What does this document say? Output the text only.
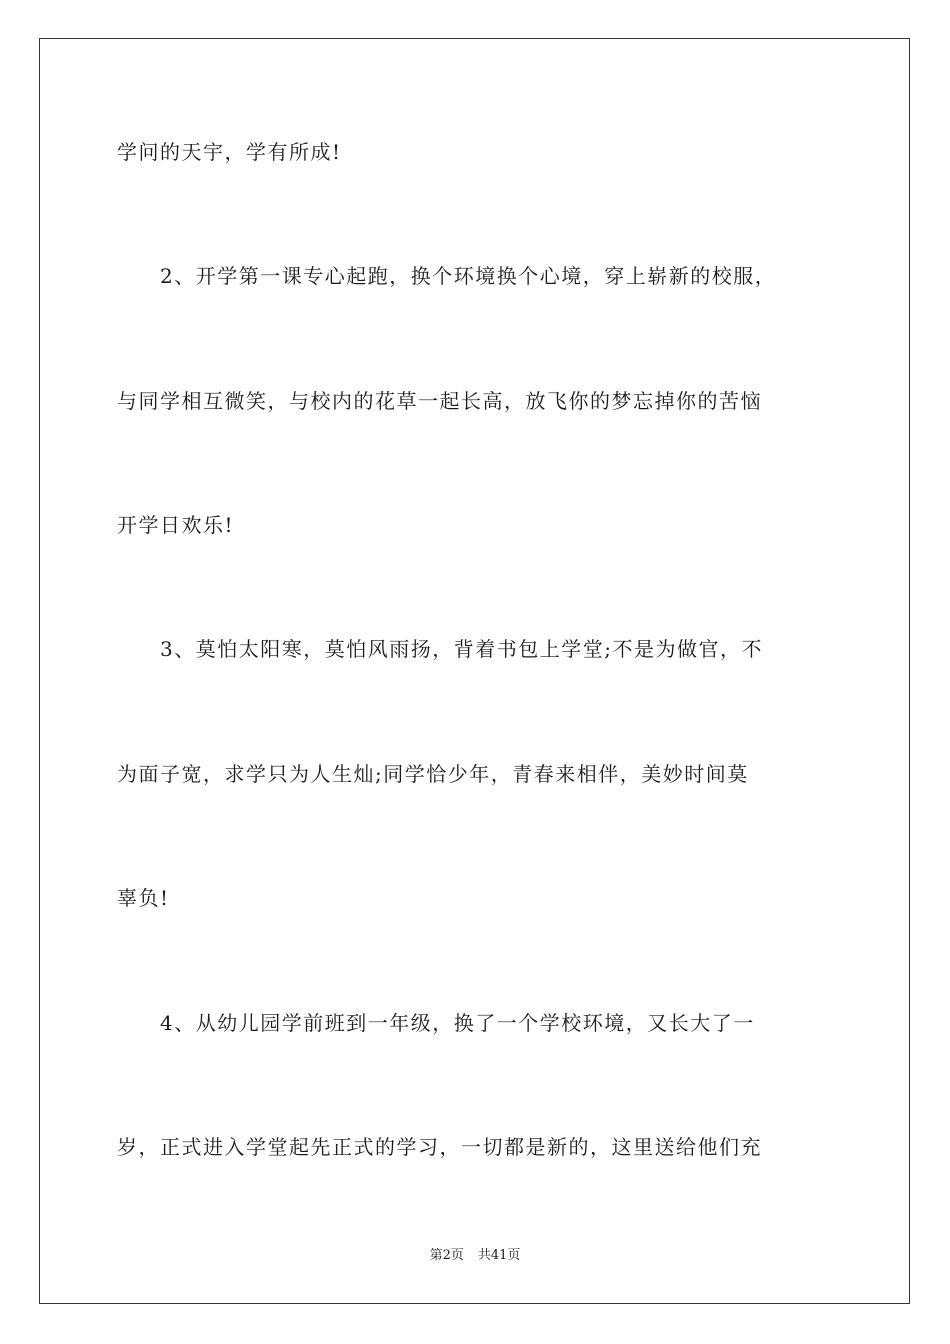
学问的天宇，学有所成!
2、开学第一课专心起跑，换个环境换个心境，穿上崭新的校服，
与同学相互微笑，与校内的花草一起长高，放飞你的梦忘掉你的苦恼
开学日欢乐!
3、莫怕太阳寒，莫怕风雨扬，背着书包上学堂;不是为做官，不
为面子宽，求学只为人生灿;同学恰少年，青春来相伴，美妙时间莫
辜负!
4、从幼儿园学前班到一年级，换了一个学校环境，又长大了一
岁，正式进入学堂起先正式的学习，一切都是新的，这里送给他们充
第2页 共41页
